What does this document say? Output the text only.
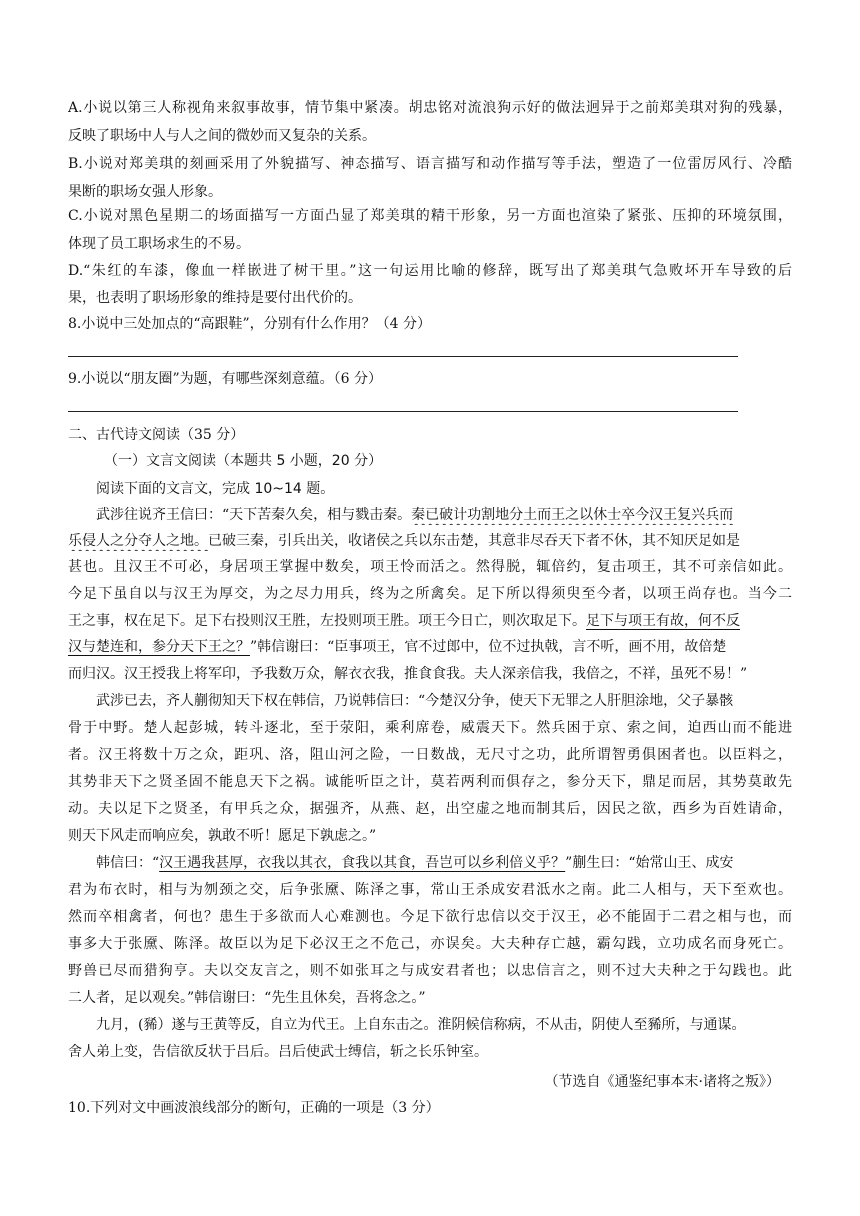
A.小说以第三人称视角来叙事故事，情节集中紧凑。胡忠铭对流浪狗示好的做法迥异于之前郑美琪对狗的残暴，
反映了职场中人与人之间的微妙而又复杂的关系。
B.小说对郑美琪的刻画采用了外貌描写、神态描写、语言描写和动作描写等手法，塑造了一位雷厉风行、冷酷
果断的职场女强人形象。
C.小说对黑色星期二的场面描写一方面凸显了郑美琪的精干形象，另一方面也渲染了紧张、压抑的环境氛围，
体现了员工职场求生的不易。
D.“朱红的车漆，像血一样嵌进了树干里。”这一句运用比喻的修辞，既写出了郑美琪气急败坏开车导致的后
果，也表明了职场形象的维持是要付出代价的。
8.小说中三处加点的“高跟鞋”，分别有什么作用？（4 分）
9.小说以“朋友圈”为题，有哪些深刻意蕴。（6 分）
二、古代诗文阅读（35 分）
（一）文言文阅读（本题共 5 小题，20 分）
阅读下面的文言文，完成 10~14 题。
武涉往说齐王信曰：“天下苦秦久矣，相与戮击秦。秦已破计功割地分土而王之以休士卒今汉王复兴兵而
乐侵人之分夺人之地。已破三秦，引兵出关，收诸侯之兵以东击楚，其意非尽吞天下者不休，其不知厌足如是
甚也。且汉王不可必，身居项王掌握中数矣，项王怜而活之。然得脱，辄倍约，复击项王，其不可亲信如此。
今足下虽自以与汉王为厚交，为之尽力用兵，终为之所禽矣。足下所以得须臾至今者，以项王尚存也。当今二
王之事，权在足下。足下右投则汉王胜，左投则项王胜。项王今日亡，则次取足下。足下与项王有故，何不反
汉与楚连和，参分天下王之？”韩信谢曰：“臣事项王，官不过郎中，位不过执戟，言不听，画不用，故倍楚
而归汉。汉王授我上将军印，予我数万众，解衣衣我，推食食我。夫人深亲信我，我倍之，不祥，虽死不易！”
武涉已去，齐人蒯彻知天下权在韩信，乃说韩信曰：“今楚汉分争，使天下无罪之人肝胆涂地，父子暴骸
骨于中野。楚人起彭城，转斗逐北，至于荥阳，乘利席卷，威震天下。然兵困于京、索之间，迫西山而不能进
者。汉王将数十万之众，距巩、洛，阻山河之险，一日数战，无尺寸之功，此所谓智勇俱困者也。以臣料之，
其势非天下之贤圣固不能息天下之祸。诚能听臣之计，莫若两利而俱存之，参分天下，鼎足而居，其势莫敢先
动。夫以足下之贤圣，有甲兵之众，据强齐，从燕、赵，出空虚之地而制其后，因民之欲，西乡为百姓请命，
则天下风走而响应矣，孰敢不听！愿足下孰虑之。”
韩信曰：“汉王遇我甚厚，衣我以其衣，食我以其食，吾岂可以乡利倍义乎？”蒯生曰：“始常山王、成安
君为布衣时，相与为刎颈之交，后争张黡、陈泽之事，常山王杀成安君泜水之南。此二人相与，天下至欢也。
然而卒相禽者，何也？患生于多欲而人心难测也。今足下欲行忠信以交于汉王，必不能固于二君之相与也，而
事多大于张黡、陈泽。故臣以为足下必汉王之不危己，亦误矣。大夫种存亡越，霸勾践，立功成名而身死亡。
野兽已尽而猎狗亨。夫以交友言之，则不如张耳之与成安君者也；以忠信言之，则不过大夫种之于勾践也。此
二人者，足以观矣。”韩信谢曰：“先生且休矣，吾将念之。”
九月，(豨）遂与王黄等反，自立为代王。上自东击之。淮阴候信称病，不从击，阴使人至豨所，与通谋。
舍人弟上变，告信欲反状于吕后。吕后使武士缚信，斩之长乐钟室。
（节选自《通鉴纪事本末·诸将之叛》）
10.下列对文中画波浪线部分的断句，正确的一项是（3 分）
